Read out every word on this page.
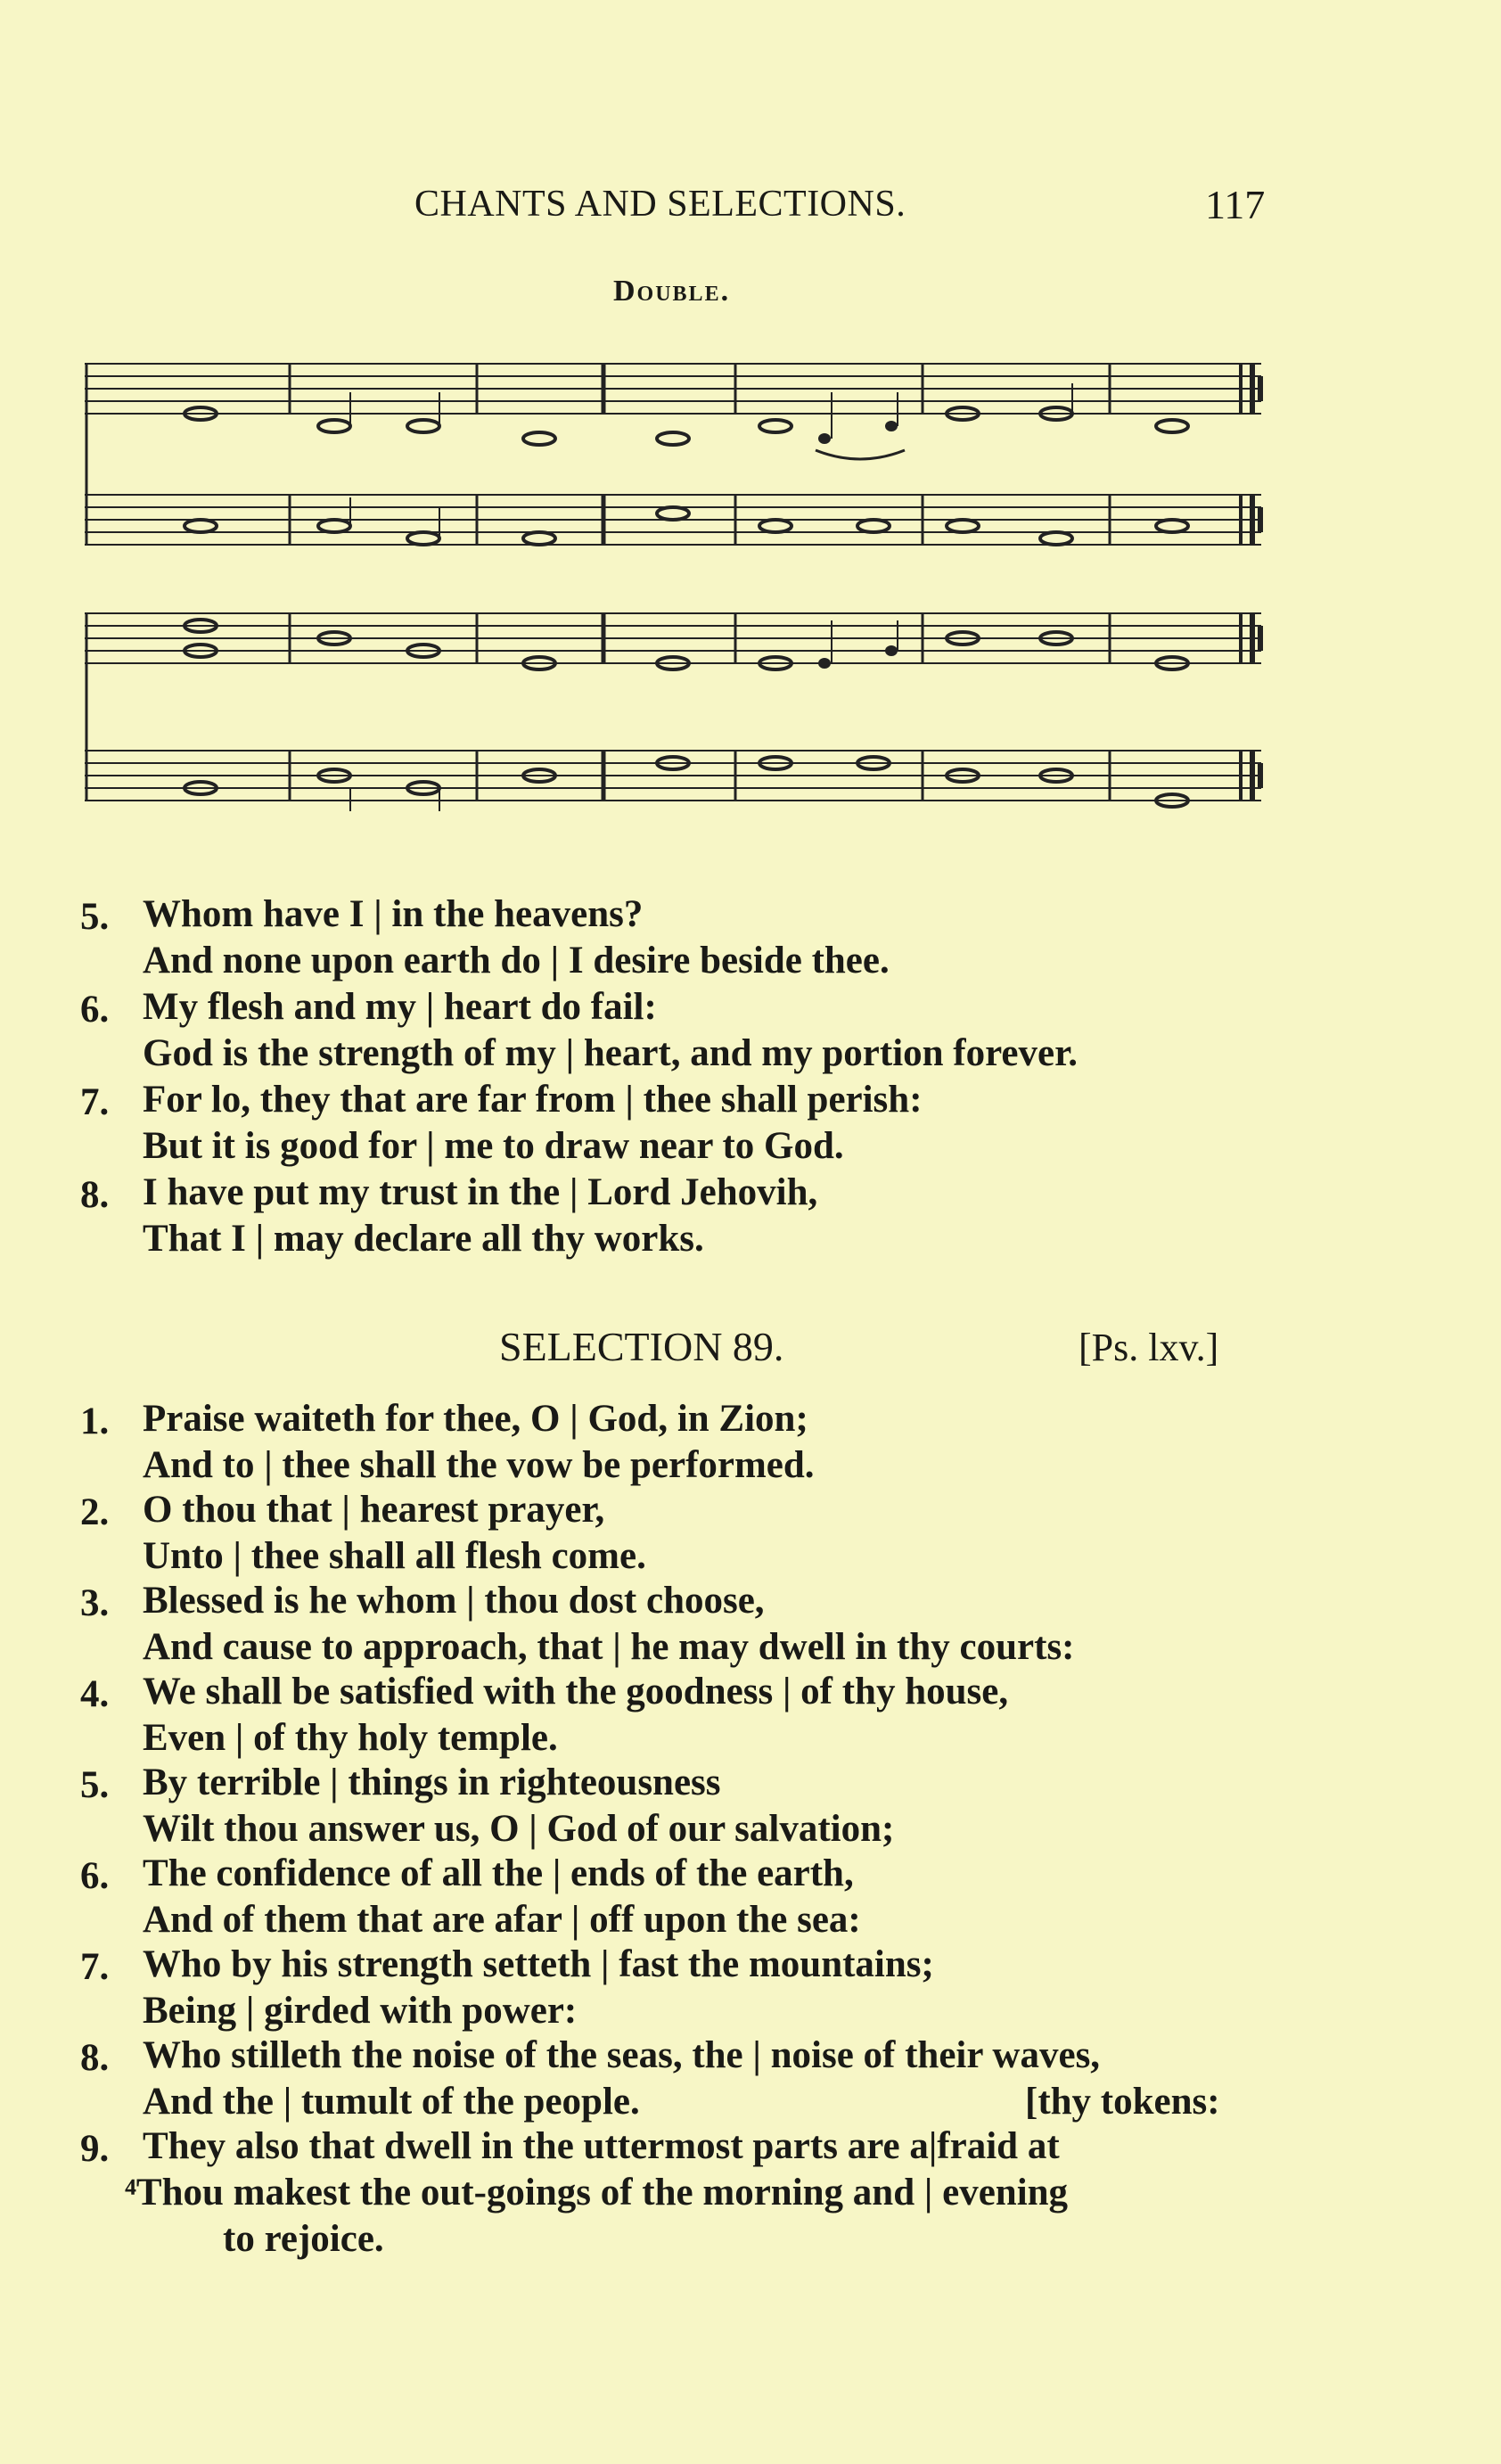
CHANTS AND SELECTIONS.	117
Double.
5. Whom have I | in the heavens?
And none upon earth do | I desire beside thee.
6. My flesh and my | heart do fail:
God is the strength of my | heart, and my portion forever.
7. For lo, they that are far from | thee shall perish:
But it is good for | me to draw near to God.
8. I have put my trust in the | Lord Jehovih,
That I | may declare all thy works.
SELECTION 89.	[Ps. lxv.]
1. Praise waiteth for thee, O | God, in Zion;
And to | thee shall the vow be performed.
2. O thou that | hearest prayer,
Unto | thee shall all flesh come.
3. Blessed is he whom | thou dost choose,
And cause to approach, that | he may dwell in thy courts:
4. We shall be satisfied with the goodness | of thy house,
Even | of thy holy temple.
5. By terrible | things in righteousness
Wilt thou answer us, O | God of our salvation;
6. The confidence of all the | ends of the earth,
And of them that are afar | off upon the sea:
7. Who by his strength setteth | fast the mountains;
Being | girded with power:
8. Who stilleth the noise of the seas, the | noise of their waves,
And the | tumult of the people.	[thy tokens:
9. They also that dwell in the uttermost parts are a|fraid at
⁴Thou makest the out-goings of the morning and | evening
to rejoice.
